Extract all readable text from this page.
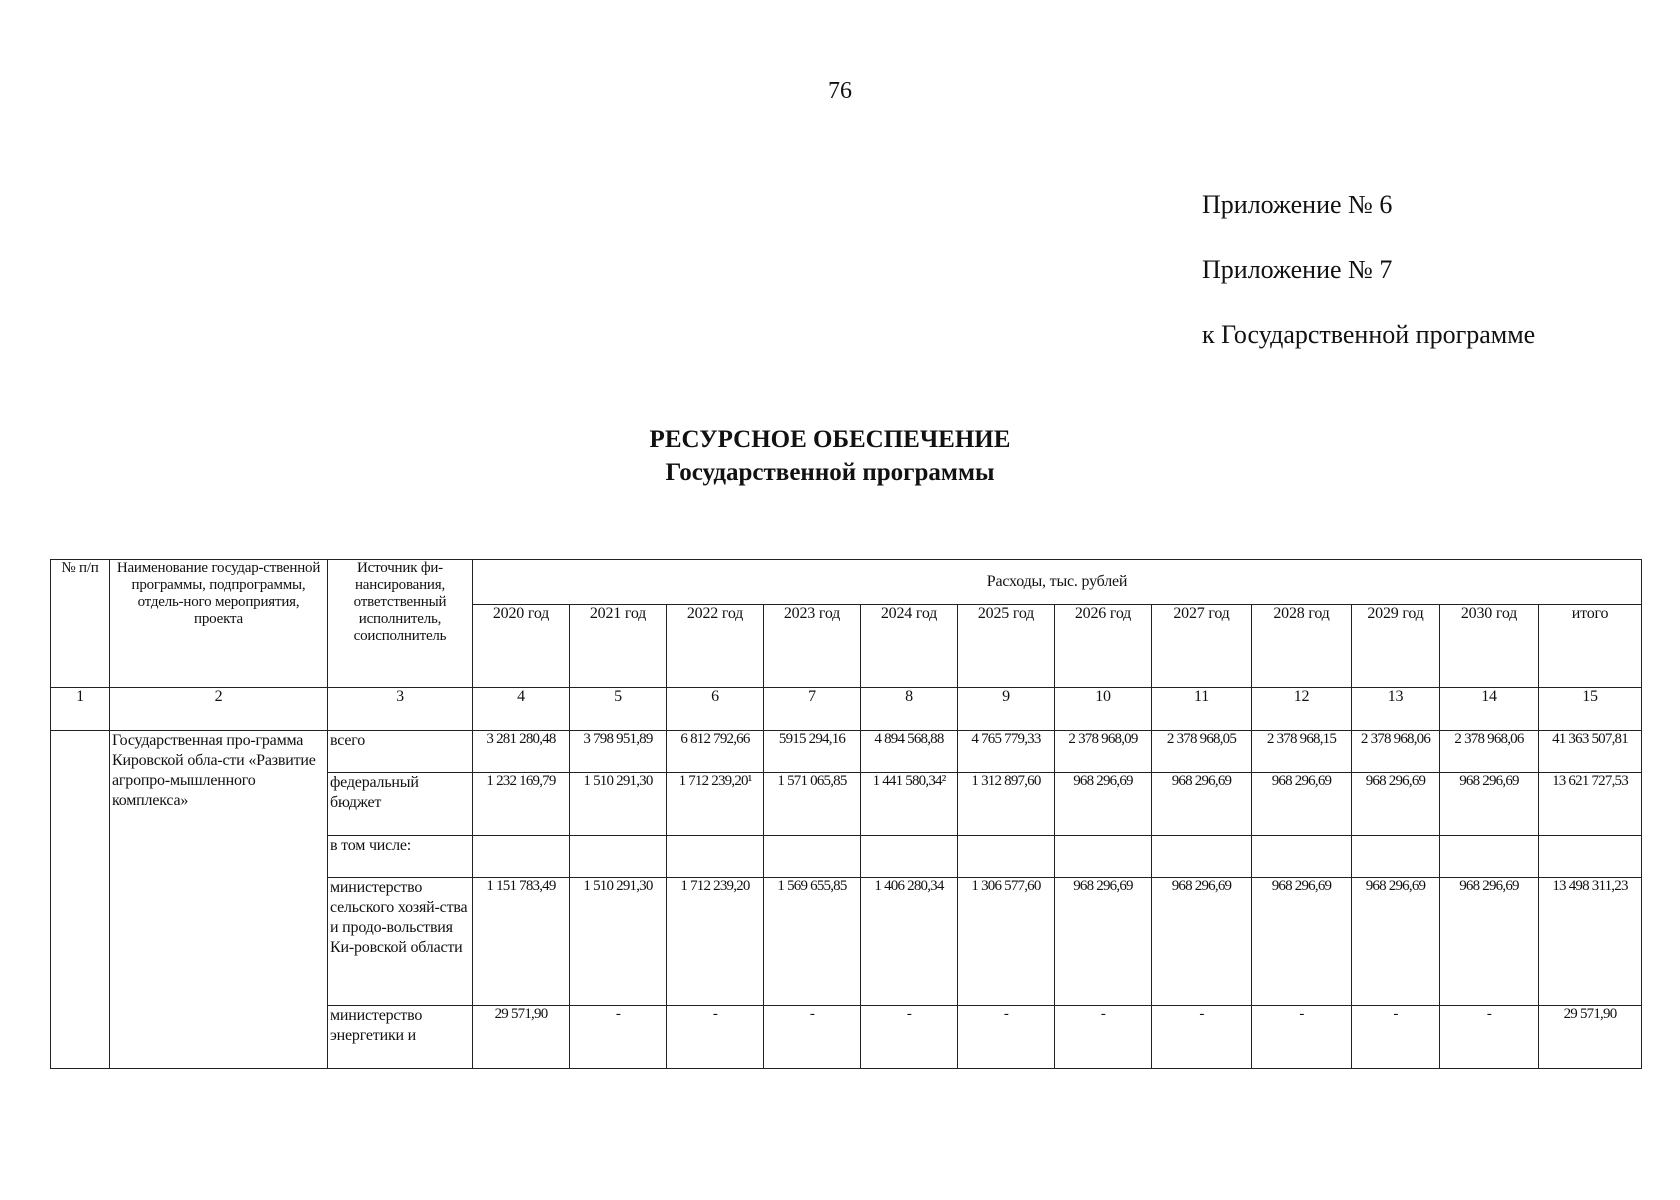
76
Приложение № 6
Приложение № 7
к Государственной программе
РЕСУРСНОЕ ОБЕСПЕЧЕНИЕ
Государственной программы
№ п/п	Наименование государ-ственной программы, подпрограммы, отдель-ного мероприятия, проекта	Источник фи-нансирования, ответственный исполнитель, соисполнитель	Расходы, тыс. рублей											
			2020 год	2021 год	2022 год	2023 год	2024 год	2025 год	2026 год	2027 год	2028 год	2029 год	2030 год	итого
1	2	3	4	5	6	7	8	9	10	11	12	13	14	15
	Государственная про-грамма Кировской обла-сти «Развитие агропро-мышленного комплекса»	всего	3 281 280,48	3 798 951,89	6 812 792,66	5915 294,16	4 894 568,88	4 765 779,33	2 378 968,09	2 378 968,05	2 378 968,15	2 378 968,06	2 378 968,06	41 363 507,81
		федеральный бюджет	1 232 169,79	1 510 291,30	1 712 239,20¹	1 571 065,85	1 441 580,34²	1 312 897,60	968 296,69	968 296,69	968 296,69	968 296,69	968 296,69	13 621 727,53
		в том числе:												
		министерство сельского хозяй-ства и продо-вольствия Ки-ровской области	1 151 783,49	1 510 291,30	1 712 239,20	1 569 655,85	1 406 280,34	1 306 577,60	968 296,69	968 296,69	968 296,69	968 296,69	968 296,69	13 498 311,23
		министерство энергетики и	29 571,90	-	-	-	-	-	-	-	-	-	-	29 571,90
